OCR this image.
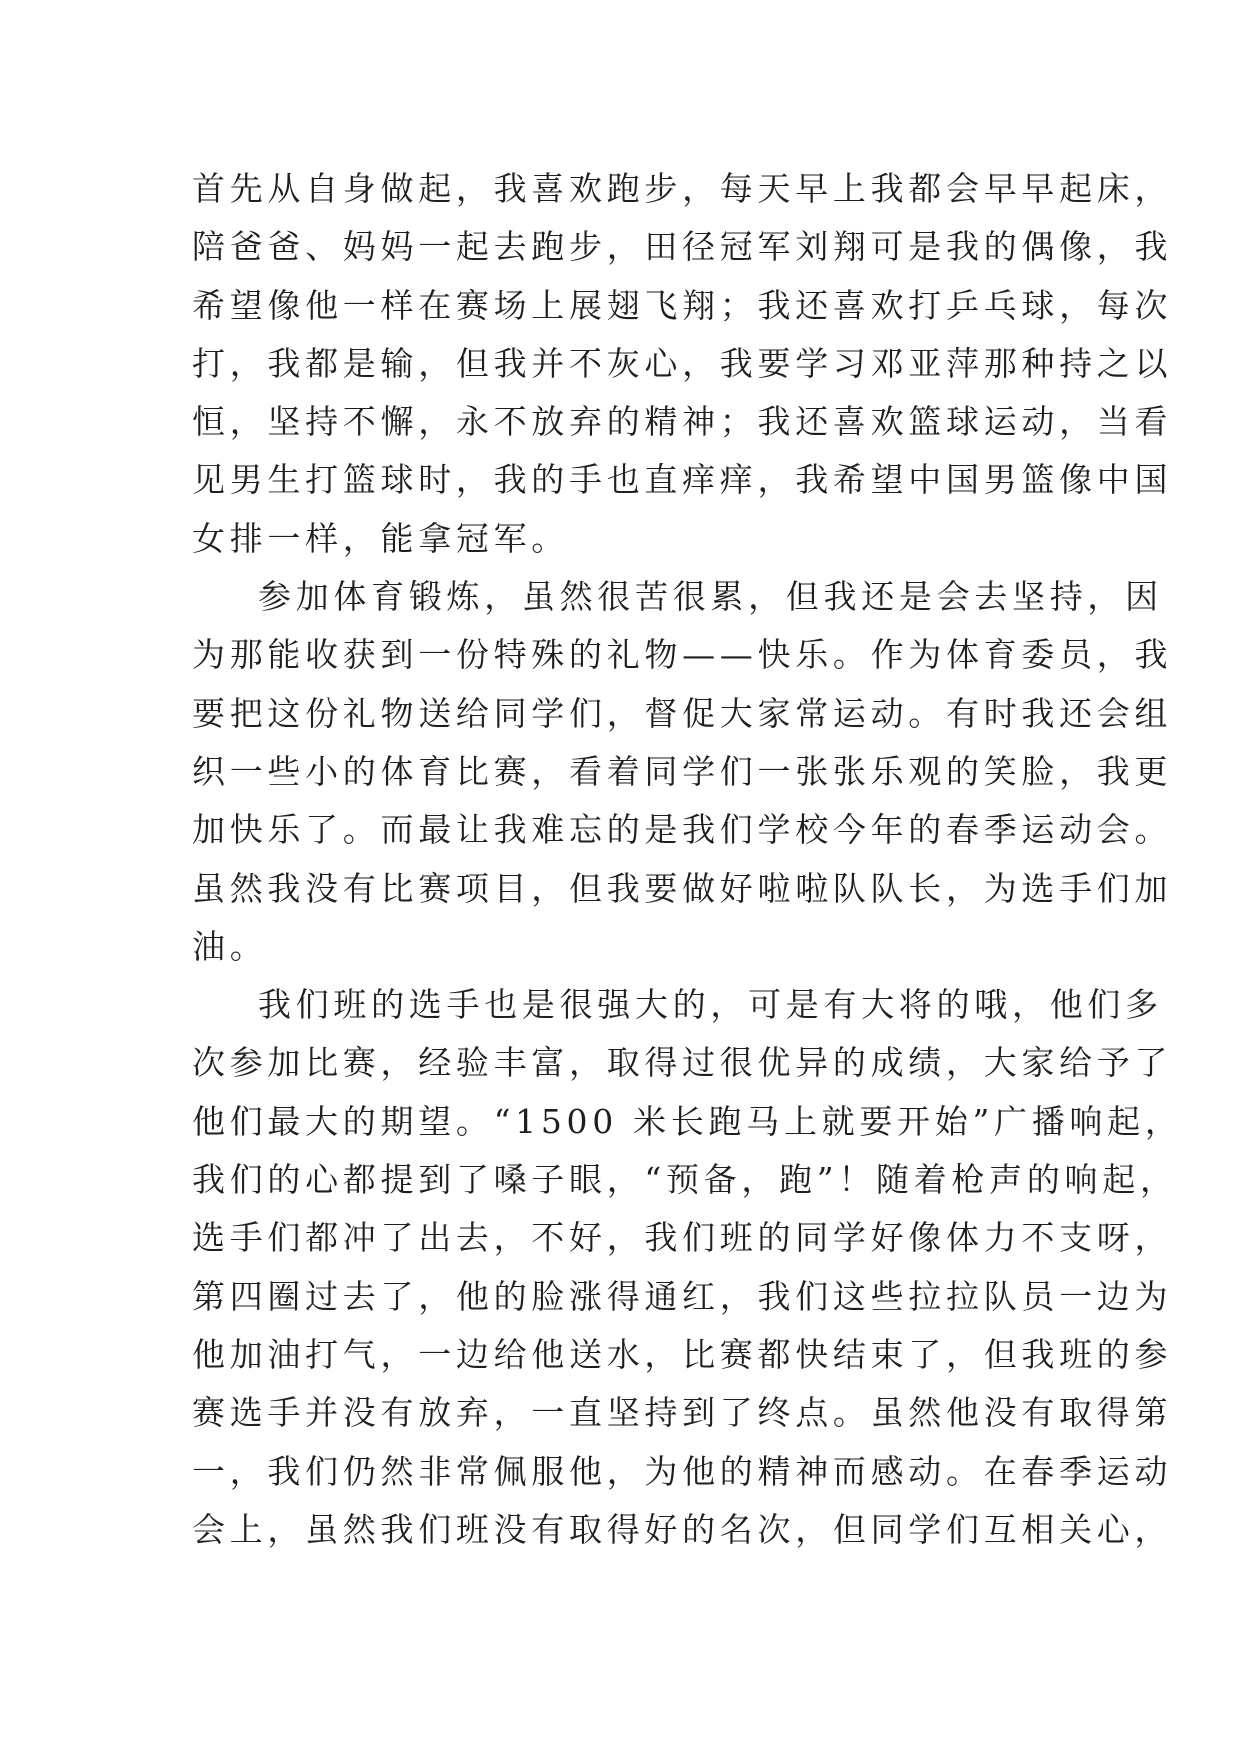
首先从自身做起，我喜欢跑步，每天早上我都会早早起床，
陪爸爸、妈妈一起去跑步，田径冠军刘翔可是我的偶像，我
希望像他一样在赛场上展翅飞翔；我还喜欢打乒乓球，每次
打，我都是输，但我并不灰心，我要学习邓亚萍那种持之以
恒，坚持不懈，永不放弃的精神；我还喜欢篮球运动，当看
见男生打篮球时，我的手也直痒痒，我希望中国男篮像中国
女排一样，能拿冠军。
参加体育锻炼，虽然很苦很累，但我还是会去坚持，因
为那能收获到一份特殊的礼物——快乐。作为体育委员，我
要把这份礼物送给同学们，督促大家常运动。有时我还会组
织一些小的体育比赛，看着同学们一张张乐观的笑脸，我更
加快乐了。而最让我难忘的是我们学校今年的春季运动会。
虽然我没有比赛项目，但我要做好啦啦队队长，为选手们加
油。
我们班的选手也是很强大的，可是有大将的哦，他们多
次参加比赛，经验丰富，取得过很优异的成绩，大家给予了
他们最大的期望。“1500 米长跑马上就要开始”广播响起，
我们的心都提到了嗓子眼，“预备，跑”！随着枪声的响起，
选手们都冲了出去，不好，我们班的同学好像体力不支呀，
第四圈过去了，他的脸涨得通红，我们这些拉拉队员一边为
他加油打气，一边给他送水，比赛都快结束了，但我班的参
赛选手并没有放弃，一直坚持到了终点。虽然他没有取得第
一，我们仍然非常佩服他，为他的精神而感动。在春季运动
会上，虽然我们班没有取得好的名次，但同学们互相关心，
